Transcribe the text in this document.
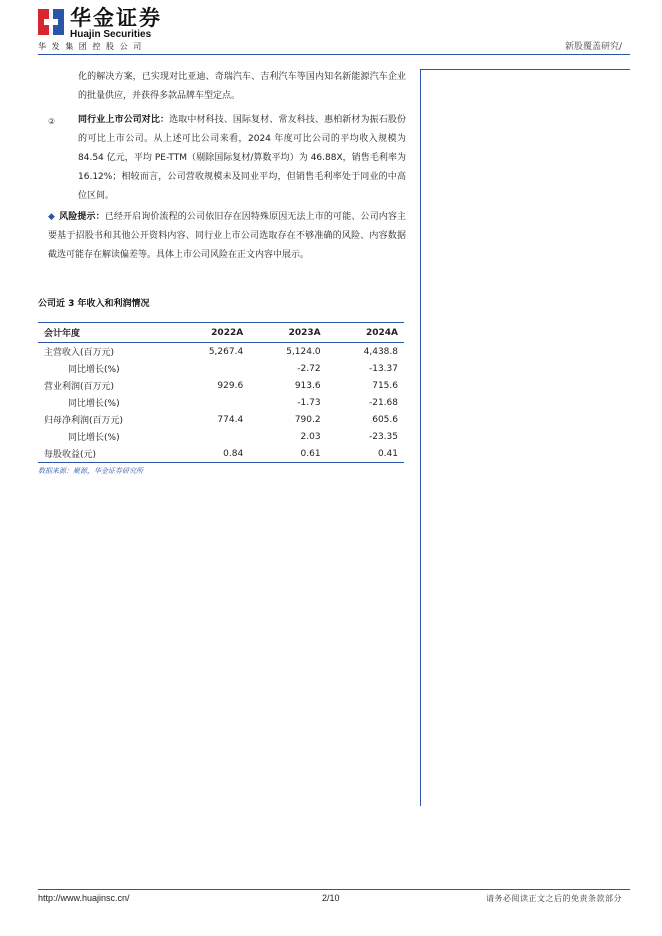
华金证券
Huajin Securities
华发集团控股公司	新股覆盖研究/
化的解决方案，已实现对比亚迪、奇瑞汽车、吉利汽车等国内知名新能源汽车企业的批量供应，并获得多款品牌车型定点。
②	同行业上市公司对比：选取中材科技、国际复材、常友科技、惠柏新材为振石股份的可比上市公司。从上述可比公司来看，2024 年度可比公司的平均收入规模为 84.54 亿元，平均 PE-TTM（剔除国际复材/算数平均）为 46.88X，销售毛利率为 16.12%；相较而言，公司营收规模未及同业平均，但销售毛利率处于同业的中高位区间。
◆ 风险提示：已经开启询价流程的公司依旧存在因特殊原因无法上市的可能、公司内容主要基于招股书和其他公开资料内容、同行业上市公司选取存在不够准确的风险、内容数据截选可能存在解读偏差等。具体上市公司风险在正文内容中展示。
公司近 3 年收入和利润情况
会计年度	2022A	2023A	2024A
主营收入(百万元)	5,267.4	5,124.0	4,438.8
同比增长(%)		-2.72	-13.37
营业利润(百万元)	929.6	913.6	715.6
同比增长(%)		-1.73	-21.68
归母净利润(百万元)	774.4	790.2	605.6
同比增长(%)		2.03	-23.35
每股收益(元)	0.84	0.61	0.41
数据来源：聚源，华金证券研究所
http://www.huajinsc.cn/	2/10	请务必阅读正文之后的免责条款部分
